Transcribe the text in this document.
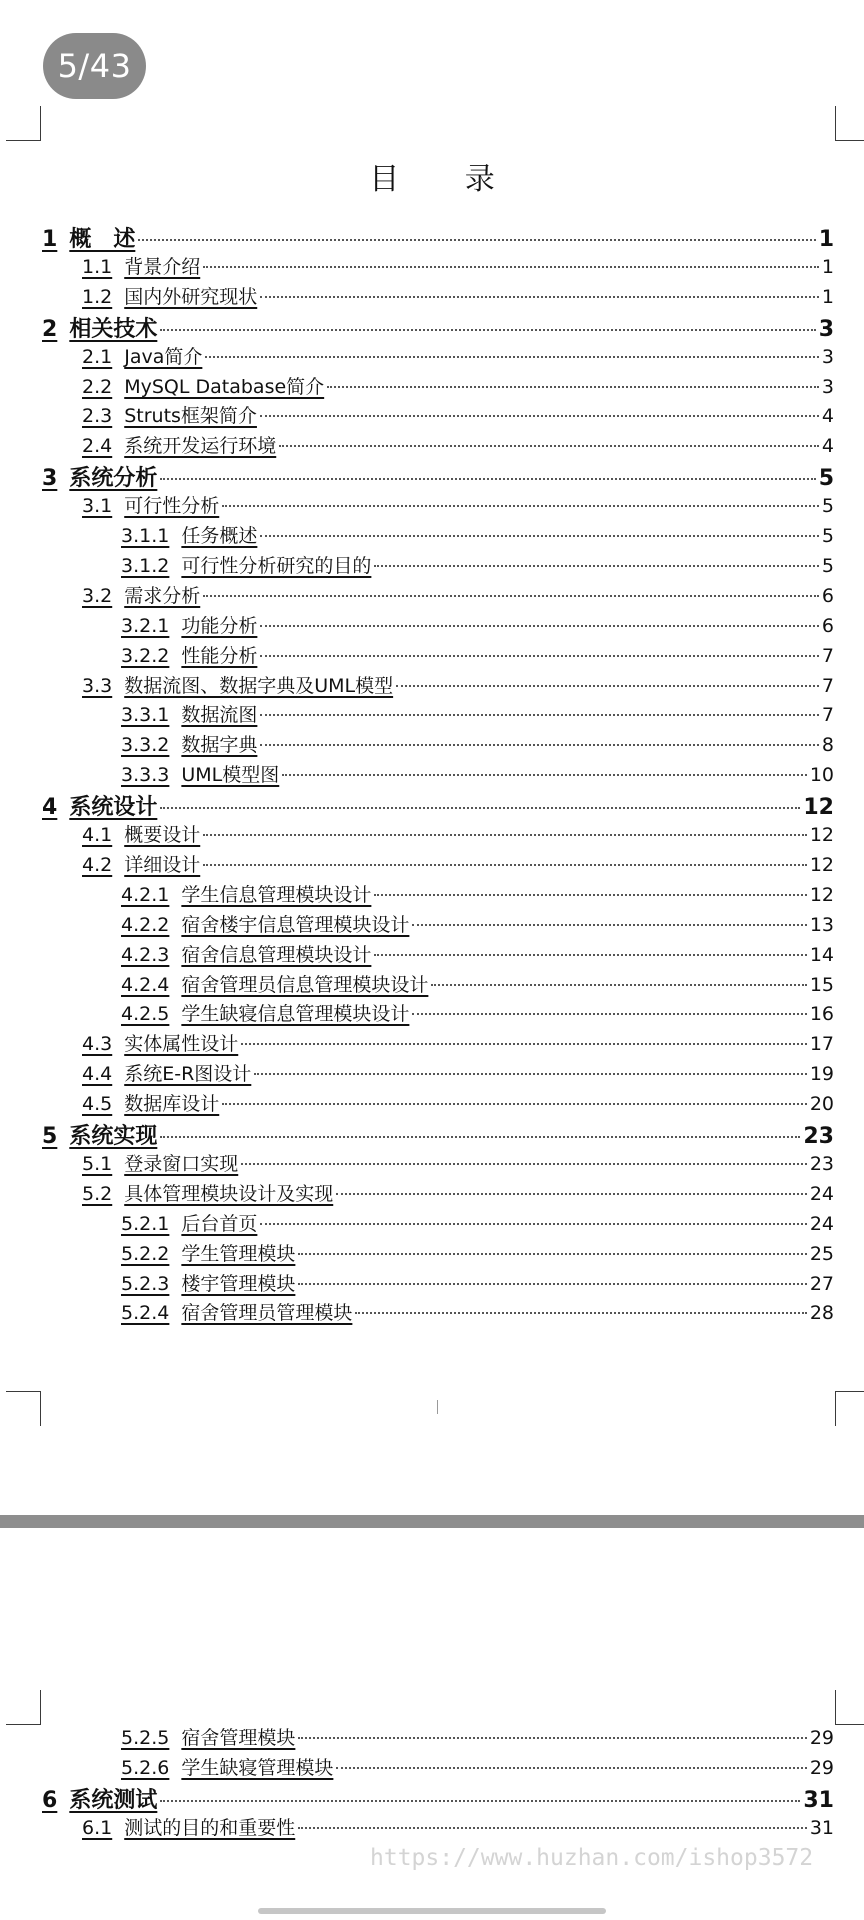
5/43
目 录
1 概　述	1
1.1 背景介绍	1
1.2 国内外研究现状	1
2 相关技术	3
2.1 Java简介	3
2.2 MySQL Database简介	3
2.3 Struts框架简介	4
2.4 系统开发运行环境	4
3 系统分析	5
3.1 可行性分析	5
3.1.1 任务概述	5
3.1.2 可行性分析研究的目的	5
3.2 需求分析	6
3.2.1 功能分析	6
3.2.2 性能分析	7
3.3 数据流图、数据字典及UML模型	7
3.3.1 数据流图	7
3.3.2 数据字典	8
3.3.3 UML模型图	10
4 系统设计	12
4.1 概要设计	12
4.2 详细设计	12
4.2.1 学生信息管理模块设计	12
4.2.2 宿舍楼宇信息管理模块设计	13
4.2.3 宿舍信息管理模块设计	14
4.2.4 宿舍管理员信息管理模块设计	15
4.2.5 学生缺寝信息管理模块设计	16
4.3 实体属性设计	17
4.4 系统E-R图设计	19
4.5 数据库设计	20
5 系统实现	23
5.1 登录窗口实现	23
5.2 具体管理模块设计及实现	24
5.2.1 后台首页	24
5.2.2 学生管理模块	25
5.2.3 楼宇管理模块	27
5.2.4 宿舍管理员管理模块	28
5.2.5 宿舍管理模块	29
5.2.6 学生缺寝管理模块	29
6 系统测试	31
6.1 测试的目的和重要性	31
https://www.huzhan.com/ishop3572
